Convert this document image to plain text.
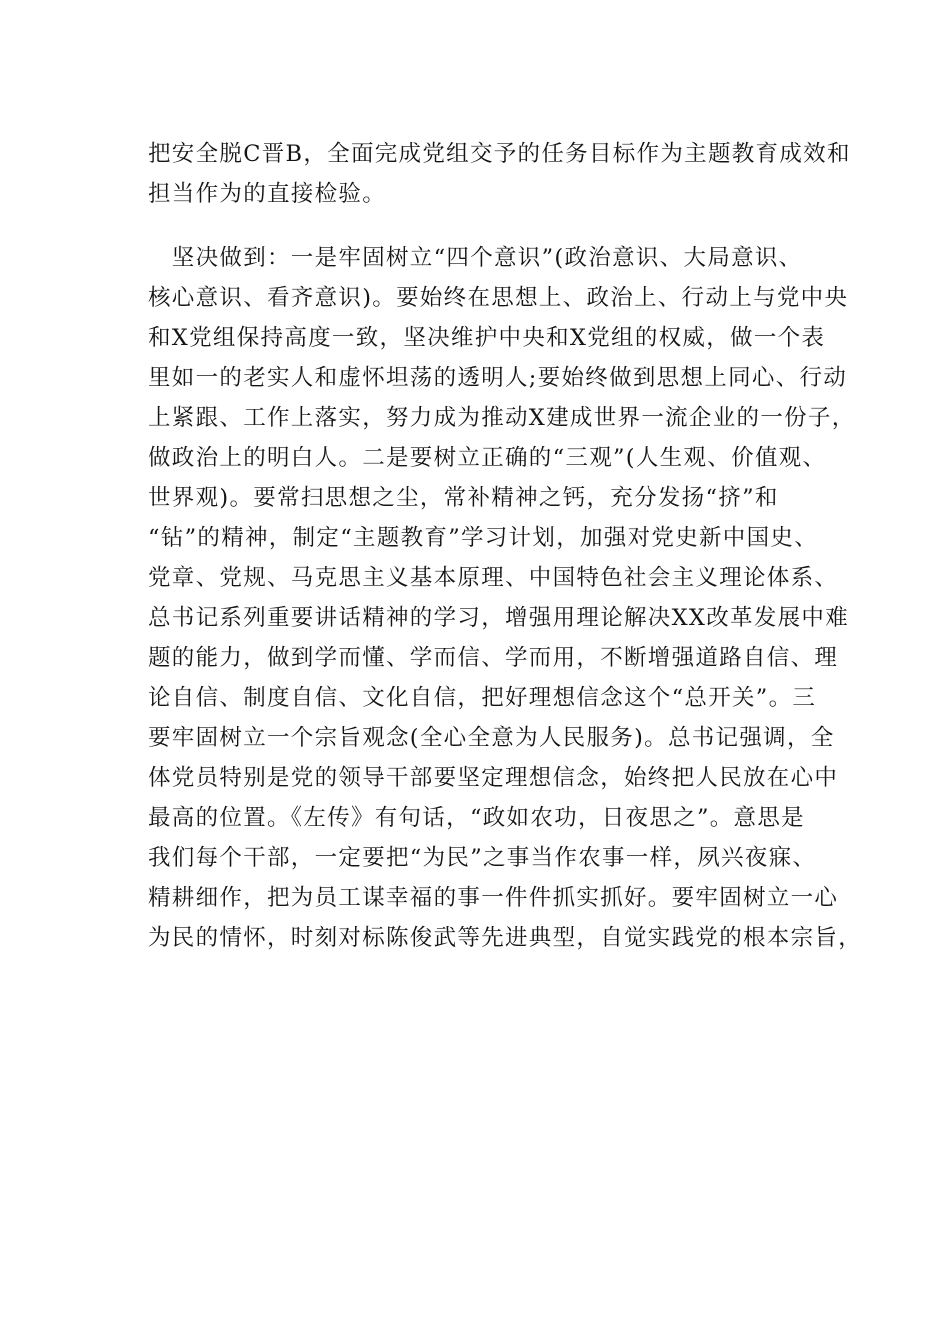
把安全脱C晋B，全面完成党组交予的任务目标作为主题教育成效和
担当作为的直接检验。
　坚决做到：一是牢固树立“四个意识”(政治意识、大局意识、
核心意识、看齐意识)。要始终在思想上、政治上、行动上与党中央
和X党组保持高度一致，坚决维护中央和X党组的权威，做一个表
里如一的老实人和虚怀坦荡的透明人;要始终做到思想上同心、行动
上紧跟、工作上落实，努力成为推动X建成世界一流企业的一份子，
做政治上的明白人。二是要树立正确的“三观”(人生观、价值观、
世界观)。要常扫思想之尘，常补精神之钙，充分发扬“挤”和
“钻”的精神，制定“主题教育”学习计划，加强对党史新中国史、
党章、党规、马克思主义基本原理、中国特色社会主义理论体系、
总书记系列重要讲话精神的学习，增强用理论解决XX改革发展中难
题的能力，做到学而懂、学而信、学而用，不断增强道路自信、理
论自信、制度自信、文化自信，把好理想信念这个“总开关”。三
要牢固树立一个宗旨观念(全心全意为人民服务)。总书记强调，全
体党员特别是党的领导干部要坚定理想信念，始终把人民放在心中
最高的位置。《左传》有句话，“政如农功，日夜思之”。意思是
我们每个干部，一定要把“为民”之事当作农事一样，夙兴夜寐、
精耕细作，把为员工谋幸福的事一件件抓实抓好。要牢固树立一心
为民的情怀，时刻对标陈俊武等先进典型，自觉实践党的根本宗旨，
